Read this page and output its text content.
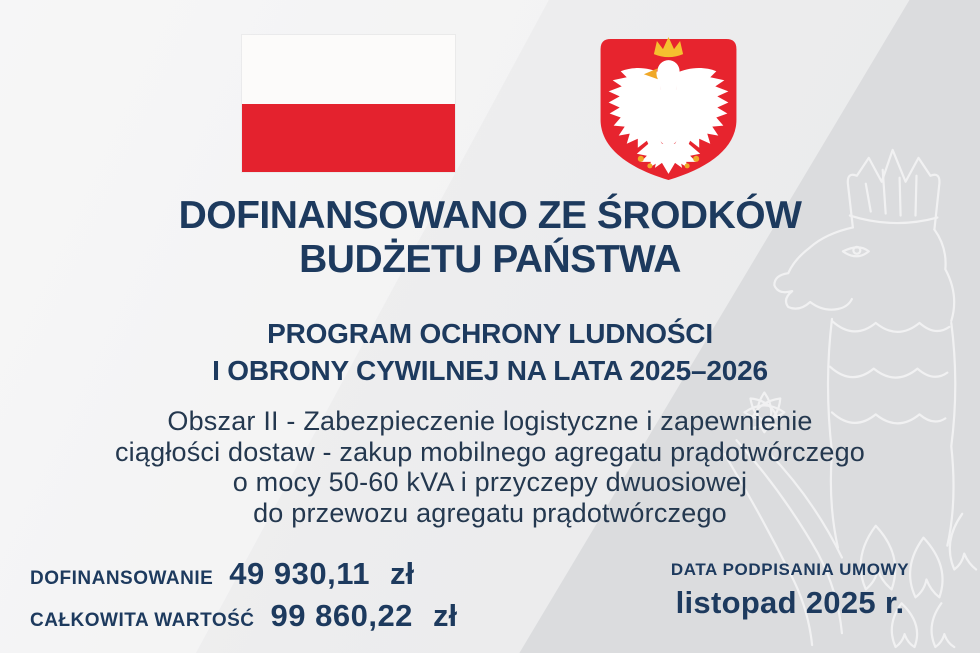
DOFINANSOWANO ZE ŚRODKÓW
BUDŻETU PAŃSTWA
PROGRAM OCHRONY LUDNOŚCI
I OBRONY CYWILNEJ NA LATA 2025–2026

Obszar II - Zabezpieczenie logistyczne i zapewnienie
ciągłości dostaw - zakup mobilnego agregatu prądotwórczego
o mocy 50-60 kVA i przyczepy dwuosiowej
do przewozu agregatu prądotwórczego

DOFINANSOWANIE 49 930,11 zł
CAŁKOWITA WARTOŚĆ 99 860,22 zł
DATA PODPISANIA UMOWY
listopad 2025 r.
